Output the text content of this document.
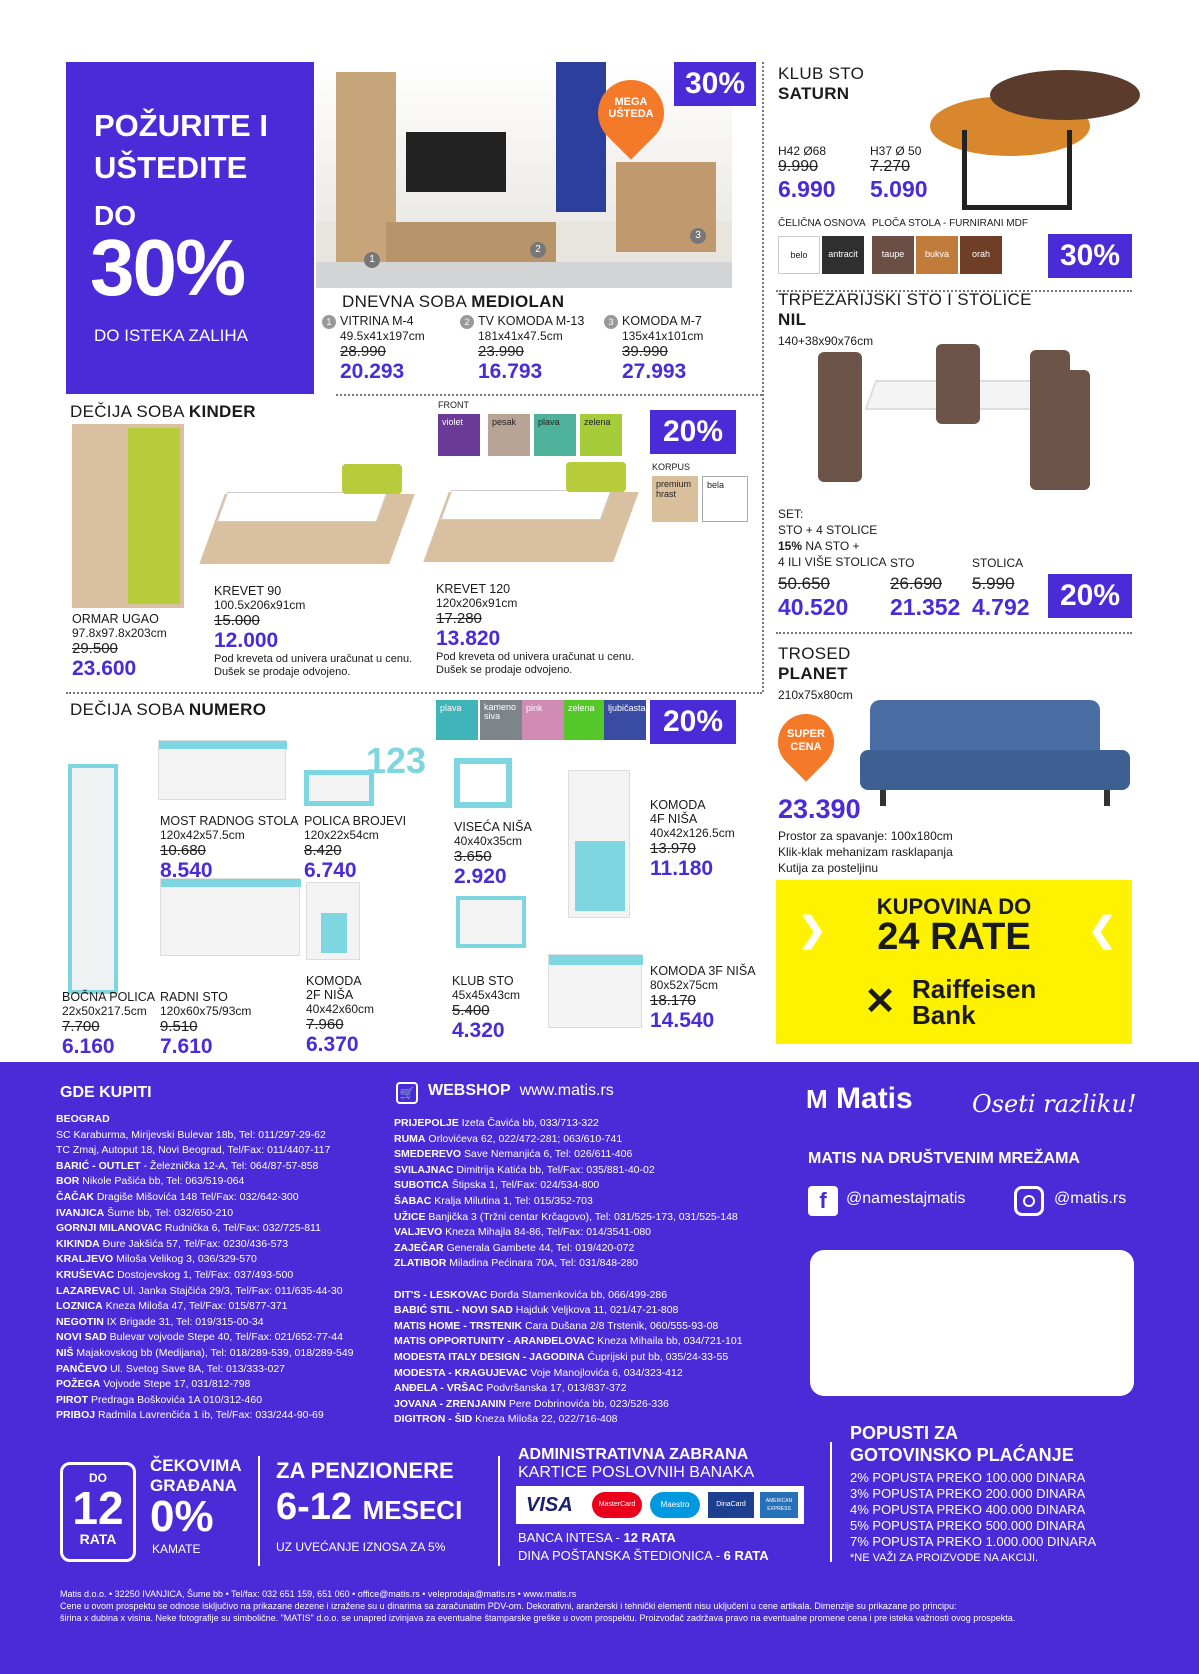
POŽURITE I
UŠTEDITE
DO
30%
DO ISTEKA ZALIHA
1
2
3
30%
MEGA UŠTEDA
DNEVNA SOBA MEDIOLAN
1 VITRINA M-4
49.5x41x197cm
28.990
20.293
2 TV KOMODA M-13
181x41x47.5cm
23.990
16.793
3 KOMODA M-7
135x41x101cm
39.990
27.993
KLUB STO
SATURN
H42 Ø68
9.990
6.990
H37 Ø 50
7.270
5.090
ČELIČNA OSNOVA PLOČA STOLA - FURNIRANI MDF
belo	antracit	taupe	bukva	orah	30%
TRPEZARIJSKI STO I STOLICE
NIL
140+38x90x76cm
SET:
STO + 4 STOLICE
15% NA STO +
4 ILI VIŠE STOLICA
50.650
40.520
STO
26.690
21.352
STOLICA
5.990
4.792	20%
DEČIJA SOBA KINDER	FRONT
violet	pesak	plava	zelena	20%
KORPUS
premium hrast
bela
ORMAR UGAO
97.8x97.8x203cm
29.500
23.600
KREVET 90
100.5x206x91cm
15.000
12.000
Pod kreveta od univera uračunat u cenu.
Dušek se prodaje odvojeno.
KREVET 120
120x206x91cm
17.280
13.820
Pod kreveta od univera uračunat u cenu.
Dušek se prodaje odvojeno.
TROSED
PLANET
210x75x80cm
SUPER CENA
23.390
Prostor za spavanje: 100x180cm
Klik-klak mehanizam rasklapanja
Kutija za posteljinu
KUPOVINA DO
24 RATE
❯	❮
✕ Raiffeisen
Bank
DEČIJA SOBA NUMERO	plava	kameno siva
pink	zelena	ljubičasta 20%
123
MOST RADNOG STOLA
120x42x57.5cm
10.680
8.540
POLICA BROJEVI
120x22x54cm
8.420
6.740
VISEĆA NIŠA
40x40x35cm
3.650
2.920
KOMODA
4F NIŠA
40x42x126.5cm
13.970
11.180
BOČNA POLICA
22x50x217.5cm
7.700
6.160
RADNI STO
120x60x75/93cm
9.510
7.610
KOMODA
2F NIŠA
40x42x60cm
7.960
6.370
KLUB STO
45x45x43cm
5.400
4.320
KOMODA 3F NIŠA
80x52x75cm
18.170
14.540
GDE KUPITI
BEOGRAD
SC Karaburma, Mirijevski Bulevar 18b, Tel: 011/297-29-62
TC Zmaj, Autoput 18, Novi Beograd, Tel/Fax: 011/4407-117
BARIĆ - OUTLET - Železnička 12-A, Tel: 064/87-57-858
BOR Nikole Pašića bb, Tel: 063/519-064
ČAČAK Dragiše Mišovića 148 Tel/Fax: 032/642-300
IVANJICA Šume bb, Tel: 032/650-210
GORNJI MILANOVAC Rudnička 6, Tel/Fax: 032/725-811
KIKINDA Đure Jakšića 57, Tel/Fax: 0230/436-573
KRALJEVO Miloša Velikog 3, 036/329-570
KRUŠEVAC Dostojevskog 1, Tel/Fax: 037/493-500
LAZAREVAC Ul. Janka Stajčića 29/3, Tel/Fax: 011/635-44-30
LOZNICA Kneza Miloša 47, Tel/Fax: 015/877-371
NEGOTIN IX Brigade 31, Tel: 019/315-00-34
NOVI SAD Bulevar vojvode Stepe 40, Tel/Fax: 021/652-77-44
NIŠ Majakovskog bb (Medijana), Tel: 018/289-539, 018/289-549
PANČEVO Ul. Svetog Save 8A, Tel: 013/333-027
POŽEGA Vojvode Stepe 17, 031/812-798
PIROT Predraga Boškovića 1A 010/312-460
PRIBOJ Radmila Lavrenčića 1 ib, Tel/Fax: 033/244-90-69
🛒 WEBSHOP www.matis.rs
PRIJEPOLJE Izeta Čavića bb, 033/713-322
RUMA Orlovićeva 62, 022/472-281; 063/610-741
SMEDEREVO Save Nemanjića 6, Tel: 026/611-406
SVILAJNAC Dimitrija Katića bb, Tel/Fax: 035/881-40-02
SUBOTICA Štipska 1, Tel/Fax: 024/534-800
ŠABAC Kralja Milutina 1, Tel: 015/352-703
UŽICE Banjička 3 (Tržni centar Krčagovo), Tel: 031/525-173, 031/525-148
VALJEVO Kneza Mihajla 84-86, Tel/Fax: 014/3541-080
ZAJEČAR Generala Gambete 44, Tel: 019/420-072
ZLATIBOR Miladina Pećinara 70A, Tel: 031/848-280

DIT'S - LESKOVAC Đorđa Stamenkovića bb, 066/499-286
BABIĆ STIL - NOVI SAD Hajduk Veljkova 11, 021/47-21-808
MATIS HOME - TRSTENIK Cara Dušana 2/8 Trstenik, 060/555-93-08
MATIS OPPORTUNITY - ARANĐELOVAC Kneza Mihaila bb, 034/721-101
MODESTA ITALY DESIGN - JAGODINA Ćuprijski put bb, 035/24-33-55
MODESTA - KRAGUJEVAC Voje Manojlovića 6, 034/323-412
ANĐELA - VRŠAC Podvršanska 17, 013/837-372
JOVANA - ZRENJANIN Pere Dobrinovića bb, 023/526-336
DIGITRON - ŠID Kneza Miloša 22, 022/716-408
M Matis Oseti razliku!
MATIS NA DRUŠTVENIM MREŽAMA
f	@namestajmatis	@matis.rs
DO
12
RATA
ČEKOVIMA
GRAĐANA
0%
KAMATE
ZA PENZIONERE
6-12 MESECI
UZ UVEĆANJE IZNOSA ZA 5%
ADMINISTRATIVNA ZABRANA
KARTICE POSLOVNIH BANAKA
VISA	MasterCard	Maestro	DinaCard	AMERICAN EXPRESS
BANCA INTESA - 12 RATA
DINA POŠTANSKA ŠTEDIONICA - 6 RATA
POPUSTI ZA
GOTOVINSKO PLAĆANJE
2% POPUSTA PREKO 100.000 DINARA
3% POPUSTA PREKO 200.000 DINARA
4% POPUSTA PREKO 400.000 DINARA
5% POPUSTA PREKO 500.000 DINARA
7% POPUSTA PREKO 1.000.000 DINARA
*NE VAŽI ZA PROIZVODE NA AKCIJI.
Matis d.o.o. • 32250 IVANJICA, Šume bb • Tel/fax: 032 651 159, 651 060 • office@matis.rs • veleprodaja@matis.rs • www.matis.rs
Cene u ovom prospektu se odnose isključivo na prikazane dezene i izražene su u dinarima sa zaračunatim PDV-om. Dekorativni, aranžerski i tehnički elementi nisu uključeni u cene artikala. Dimenzije su prikazane po principu:
širina x dubina x visina. Neke fotografije su simbolične. "MATIS" d.o.o. se unapred izvinjava za eventualne štamparske greške u ovom prospektu. Proizvođač zadržava pravo na eventualne promene cena i pre isteka važnosti ovog prospekta.
